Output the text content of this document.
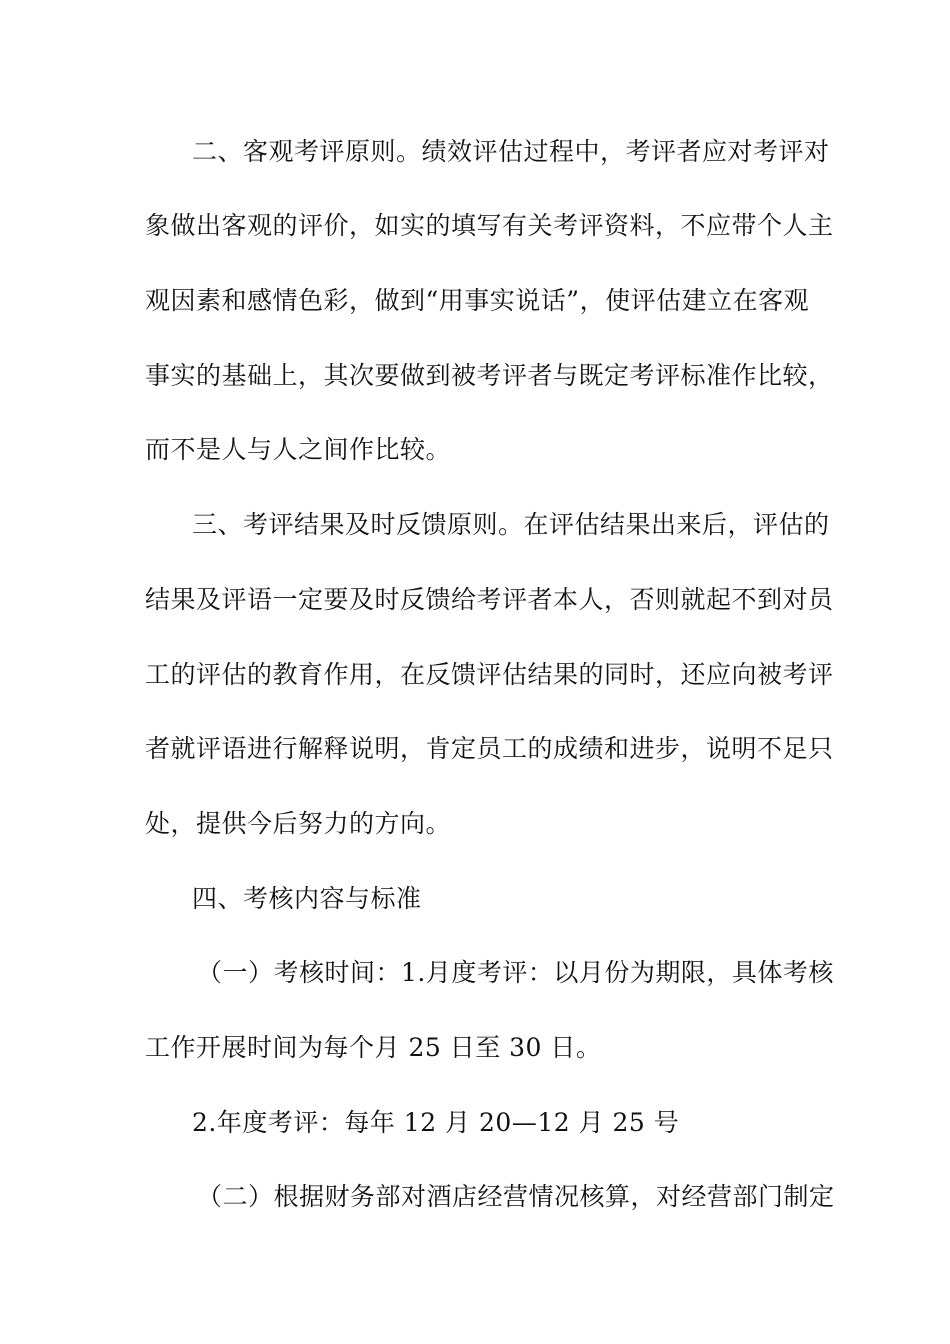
二、客观考评原则。绩效评估过程中，考评者应对考评对
象做出客观的评价，如实的填写有关考评资料，不应带个人主
观因素和感情色彩，做到“用事实说话”，使评估建立在客观
事实的基础上，其次要做到被考评者与既定考评标准作比较，
而不是人与人之间作比较。
三、考评结果及时反馈原则。在评估结果出来后，评估的
结果及评语一定要及时反馈给考评者本人，否则就起不到对员
工的评估的教育作用，在反馈评估结果的同时，还应向被考评
者就评语进行解释说明，肯定员工的成绩和进步，说明不足只
处，提供今后努力的方向。
四、考核内容与标准
（一）考核时间：1.月度考评：以月份为期限，具体考核
工作开展时间为每个月 25 日至 30 日。
2.年度考评：每年 12 月 20—12 月 25 号
（二）根据财务部对酒店经营情况核算，对经营部门制定
